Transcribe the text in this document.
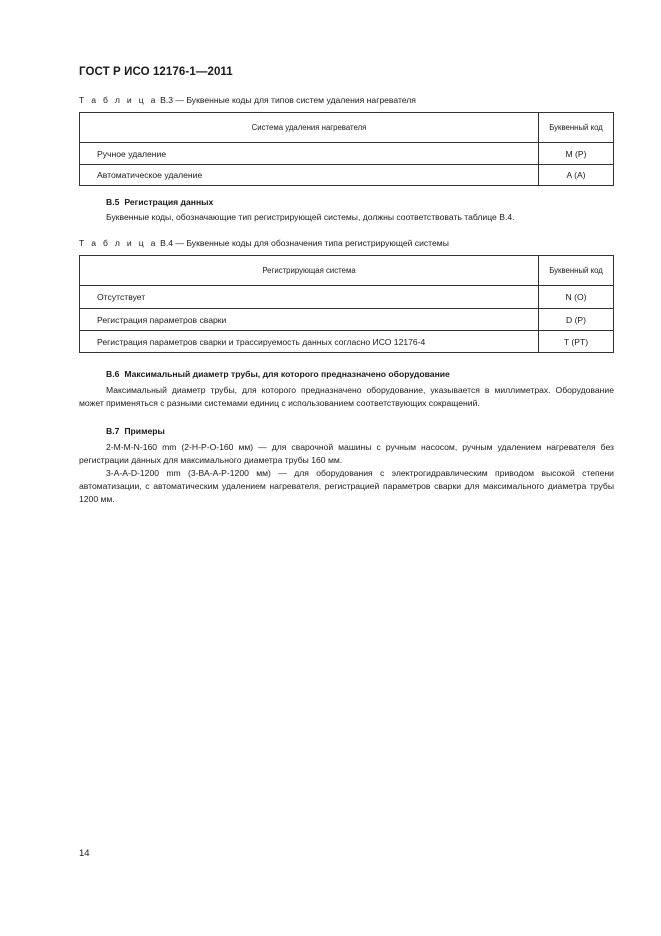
ГОСТ Р ИСО 12176-1—2011
Т а б л и ц а В.3 — Буквенные коды для типов систем удаления нагревателя
Система удаления нагревателя	Буквенный код
Ручное удаление	M (P)
Автоматическое удаление	A (A)
В.5 Регистрация данных
Буквенные коды, обозначающие тип регистрирующей системы, должны соответствовать таблице В.4.
Т а б л и ц а В.4 — Буквенные коды для обозначения типа регистрирующей системы
Регистрирующая система	Буквенный код
Отсутствует	N (O)
Регистрация параметров сварки	D (P)
Регистрация параметров сварки и трассируемость данных согласно ИСО 12176-4	T (PT)
В.6 Максимальный диаметр трубы, для которого предназначено оборудование
Максимальный диаметр трубы, для которого предназначено оборудование, указывается в миллиметрах. Оборудование может применяться с разными системами единиц с использованием соответствующих сокращений.
В.7 Примеры
2-M-M-N-160 mm (2-H-P-O-160 мм) — для сварочной машины с ручным насосом, ручным удалением нагревателя без регистрации данных для максимального диаметра трубы 160 мм.
3-A-A-D-1200 mm (3-ВА-А-Р-1200 мм) — для оборудования с электрогидравлическим приводом высокой степени автоматизации, с автоматическим удалением нагревателя, регистрацией параметров сварки для максимального диаметра трубы 1200 мм.
14
